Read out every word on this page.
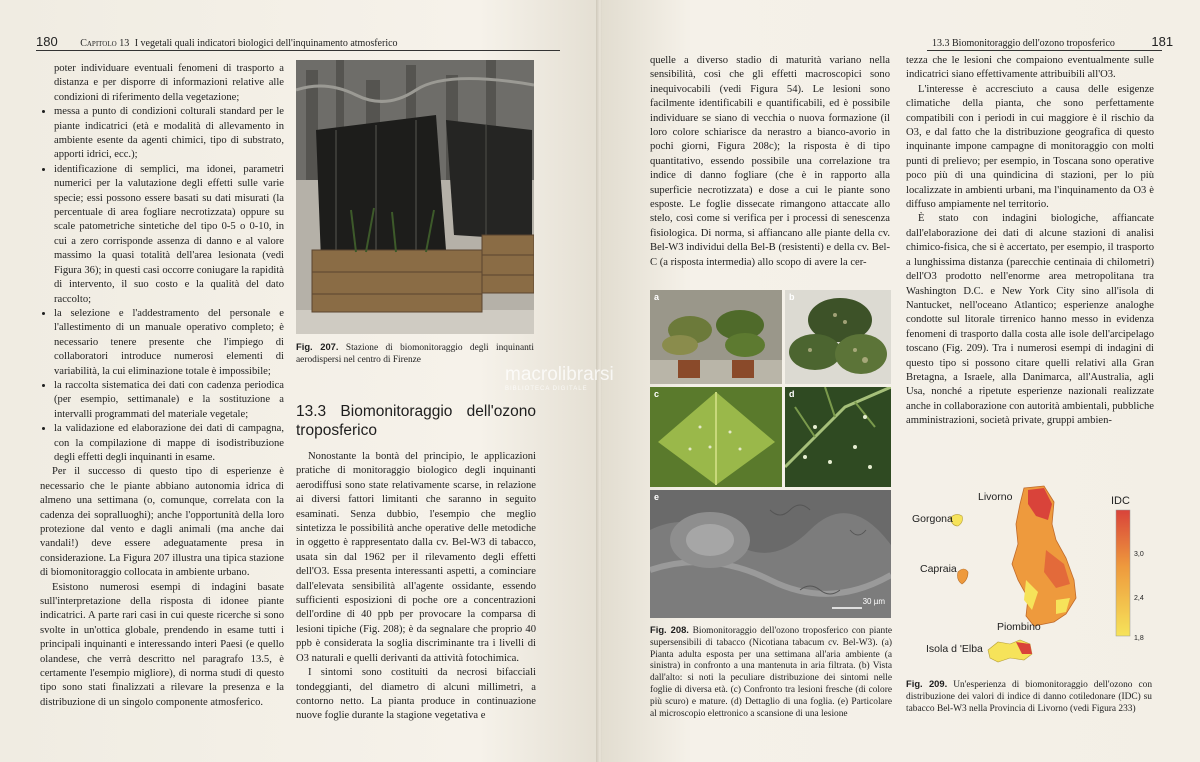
180 Capitolo 13 I vegetali quali indicatori biologici dell'inquinamento atmosferico

poter individuare eventuali fenomeni di trasporto a distanza e per disporre di informazioni relative alle condizioni di riferimento della vegetazione;

• messa a punto di condizioni colturali standard per le piante indicatrici (età e modalità di allevamento in ambiente esente da agenti chimici, tipo di substrato, apporti idrici, ecc.);
• identificazione di semplici, ma idonei, parametri numerici per la valutazione degli effetti sulle varie specie; essi possono essere basati su dati misurati (la percentuale di area fogliare necrotizzata) oppure su scale patometriche sintetiche del tipo 0-5 o 0-10, in cui a zero corrisponde assenza di danno e al valore massimo la quasi totalità dell'area lesionata (vedi Figura 36); in questi casi occorre coniugare la rapidità di intervento, il suo costo e la qualità del dato raccolto;
• la selezione e l'addestramento del personale e l'allestimento di un manuale operativo completo; è necessario tenere presente che l'impiego di collaboratori introduce numerosi elementi di variabilità, la cui eliminazione totale è impossibile;
• la raccolta sistematica dei dati con cadenza periodica (per esempio, settimanale) e la sostituzione a intervalli programmati del materiale vegetale;
• la validazione ed elaborazione dei dati di campagna, con la compilazione di mappe di isodistribuzione degli effetti degli inquinanti in esame.

Per il successo di questo tipo di esperienze è necessario che le piante abbiano autonomia idrica di almeno una settimana (o, comunque, correlata con la cadenza dei sopralluoghi); anche l'opportunità della loro protezione dal vento e dagli animali (ma anche dai vandali!) deve essere adeguatamente presa in considerazione. La Figura 207 illustra una tipica stazione di biomonitoraggio collocata in ambiente urbano.

Esistono numerosi esempi di indagini basate sull'interpretazione della risposta di idonee piante indicatrici. A parte rari casi in cui queste ricerche si sono svolte in un'ottica globale, prendendo in esame tutti i principali inquinanti e interessando interi Paesi (e quello olandese, che verrà descritto nel paragrafo 13.5, è certamente l'esempio migliore), di norma studi di questo tipo sono stati finalizzati a rilevare la presenza e la distribuzione di un singolo componente atmosferico.

Fig. 207. Stazione di biomonitoraggio degli inquinanti aerodispersi nel centro di Firenze
13.3 Biomonitoraggio dell'ozono troposferico

Nonostante la bontà del principio, le applicazioni pratiche di monitoraggio biologico degli inquinanti aerodiffusi sono state relativamente scarse, in relazione ai diversi fattori limitanti che saranno in seguito esaminati. Senza dubbio, l'esempio che meglio sintetizza le possibilità anche operative delle metodiche in oggetto è rappresentato dalla cv. Bel-W3 di tabacco, usata sin dal 1962 per il rilevamento degli effetti dell'O3. Essa presenta interessanti aspetti, a cominciare dall'elevata sensibilità all'agente ossidante, essendo sufficienti esposizioni di poche ore a concentrazioni dell'ordine di 40 ppb per provocare la comparsa di lesioni tipiche (Fig. 208); è da segnalare che proprio 40 ppb è considerata la soglia discriminante tra i livelli di O3 naturali e quelli derivanti da attività fotochimica.

I sintomi sono costituiti da necrosi bifacciali tondeggianti, del diametro di alcuni millimetri, a contorno netto. La pianta produce in continuazione nuove foglie durante la stagione vegetativa e

13.3 Biomonitoraggio dell'ozono troposferico	181

quelle a diverso stadio di maturità variano nella sensibilità, così che gli effetti macroscopici sono inequivocabili (vedi Figura 54). Le lesioni sono facilmente identificabili e quantificabili, ed è possibile individuare se siano di vecchia o nuova formazione (il loro colore schiarisce da nerastro a bianco-avorio in pochi giorni, Figura 208c); la risposta è di tipo quantitativo, essendo possibile una correlazione tra indice di danno fogliare (che è in rapporto alla superficie necrotizzata) e dose a cui le piante sono esposte. Le foglie dissecate rimangono attaccate allo stelo, così come si verifica per i processi di senescenza fisiologica. Di norma, si affiancano alle piante della cv. Bel-W3 individui della Bel-B (resistenti) e della cv. Bel-C (a risposta intermedia) allo scopo di avere la cer-

a	b
c	d
e
30 µm
Fig. 208. Biomonitoraggio dell'ozono troposferico con piante supersensibili di tabacco (Nicotiana tabacum cv. Bel-W3). (a) Pianta adulta esposta per una settimana all'aria ambiente (a sinistra) in confronto a una mantenuta in aria filtrata. (b) Vista dall'alto: si noti la peculiare distribuzione dei sintomi nelle foglie di diversa età. (c) Confronto tra lesioni fresche (di colore più scuro) e mature. (d) Dettaglio di una foglia. (e) Particolare al microscopio elettronico a scansione di una lesione

tezza che le lesioni che compaiono eventualmente sulle indicatrici siano effettivamente attribuibili all'O3.

L'interesse è accresciuto a causa delle esigenze climatiche della pianta, che sono perfettamente compatibili con i periodi in cui maggiore è il rischio da O3, e dal fatto che la distribuzione geografica di questo inquinante impone campagne di monitoraggio con molti punti di prelievo; per esempio, in Toscana sono operative poco più di una quindicina di stazioni, per lo più localizzate in ambienti urbani, ma l'inquinamento da O3 è diffuso ampiamente nel territorio.

È stato con indagini biologiche, affiancate dall'elaborazione dei dati di alcune stazioni di analisi chimico-fisica, che si è accertato, per esempio, il trasporto a lunghissima distanza (parecchie centinaia di chilometri) dell'O3 prodotto nell'enorme area metropolitana tra Washington D.C. e New York City sino all'isola di Nantucket, nell'oceano Atlantico; esperienze analoghe condotte sul litorale tirrenico hanno messo in evidenza fenomeni di trasporto dalla costa alle isole dell'arcipelago toscano (Fig. 209). Tra i numerosi esempi di indagini di questo tipo si possono citare quelli relativi alla Gran Bretagna, a Israele, alla Danimarca, all'Australia, agli Usa, nonché a ripetute esperienze nazionali realizzate anche in collaborazione con autorità ambientali, pubbliche amministrazioni, società private, gruppi ambien-

Fig. 209. Un'esperienza di biomonitoraggio dell'ozono con distribuzione dei valori di indice di danno cotiledonare (IDC) su tabacco Bel-W3 nella Provincia di Livorno (vedi Figura 233)
Livorno
Gorgona
Capraia
Piombino
Isola d 'Elba
IDC
3,0
2,4
1,8
macrolibrarsi
BIBLIOTECA DIGITALE
